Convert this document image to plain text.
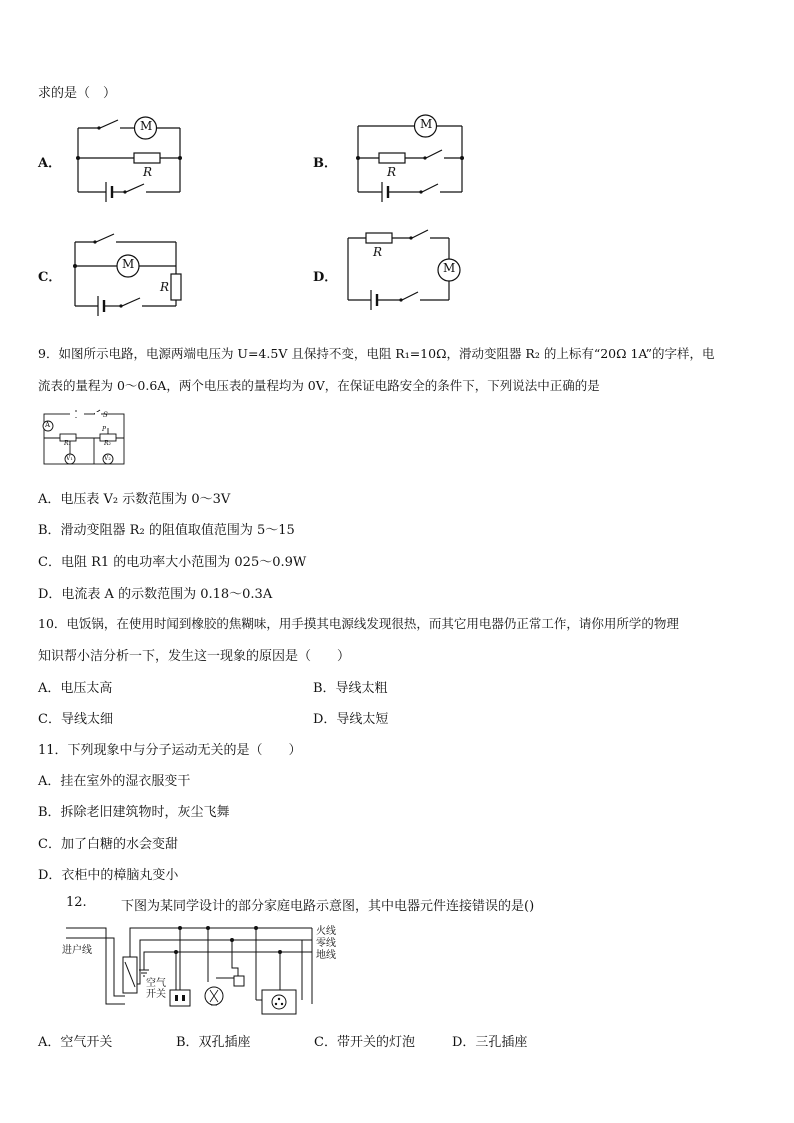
求的是（　）
A．
M
R
B．
M
R
C．
M
R
D．
M
R
9．如图所示电路，电源两端电压为 U=4.5V 且保持不变，电阻 R₁=10Ω，滑动变阻器 R₂ 的上标有“20Ω 1A”的字样，电
流表的量程为 0～0.6A，两个电压表的量程均为 0V，在保证电路安全的条件下，下列说法中正确的是
A
S
R₁
P
R₂
V₁	V₂
A．电压表 V₂ 示数范围为 0～3V
B．滑动变阻器 R₂ 的阻值取值范围为 5～15
C．电阻 R1 的电功率大小范围为 025～0.9W
D．电流表 A 的示数范围为 0.18～0.3A
10．电饭锅，在使用时闻到橡胶的焦糊味，用手摸其电源线发现很热，而其它用电器仍正常工作，请你用所学的物理
知识帮小洁分析一下，发生这一现象的原因是（　　）
A．电压太高	B．导线太粗
C．导线太细	D．导线太短
11．下列现象中与分子运动无关的是（　　）
A．挂在室外的湿衣服变干
B．拆除老旧建筑物时，灰尘飞舞
C．加了白糖的水会变甜
D．衣柜中的樟脑丸变小
12.	下图为某同学设计的部分家庭电路示意图，其中电器元件连接错误的是()
进户线
火线
零线
地线
空气开关
A．空气开关	B．双孔插座	C．带开关的灯泡	D．三孔插座
